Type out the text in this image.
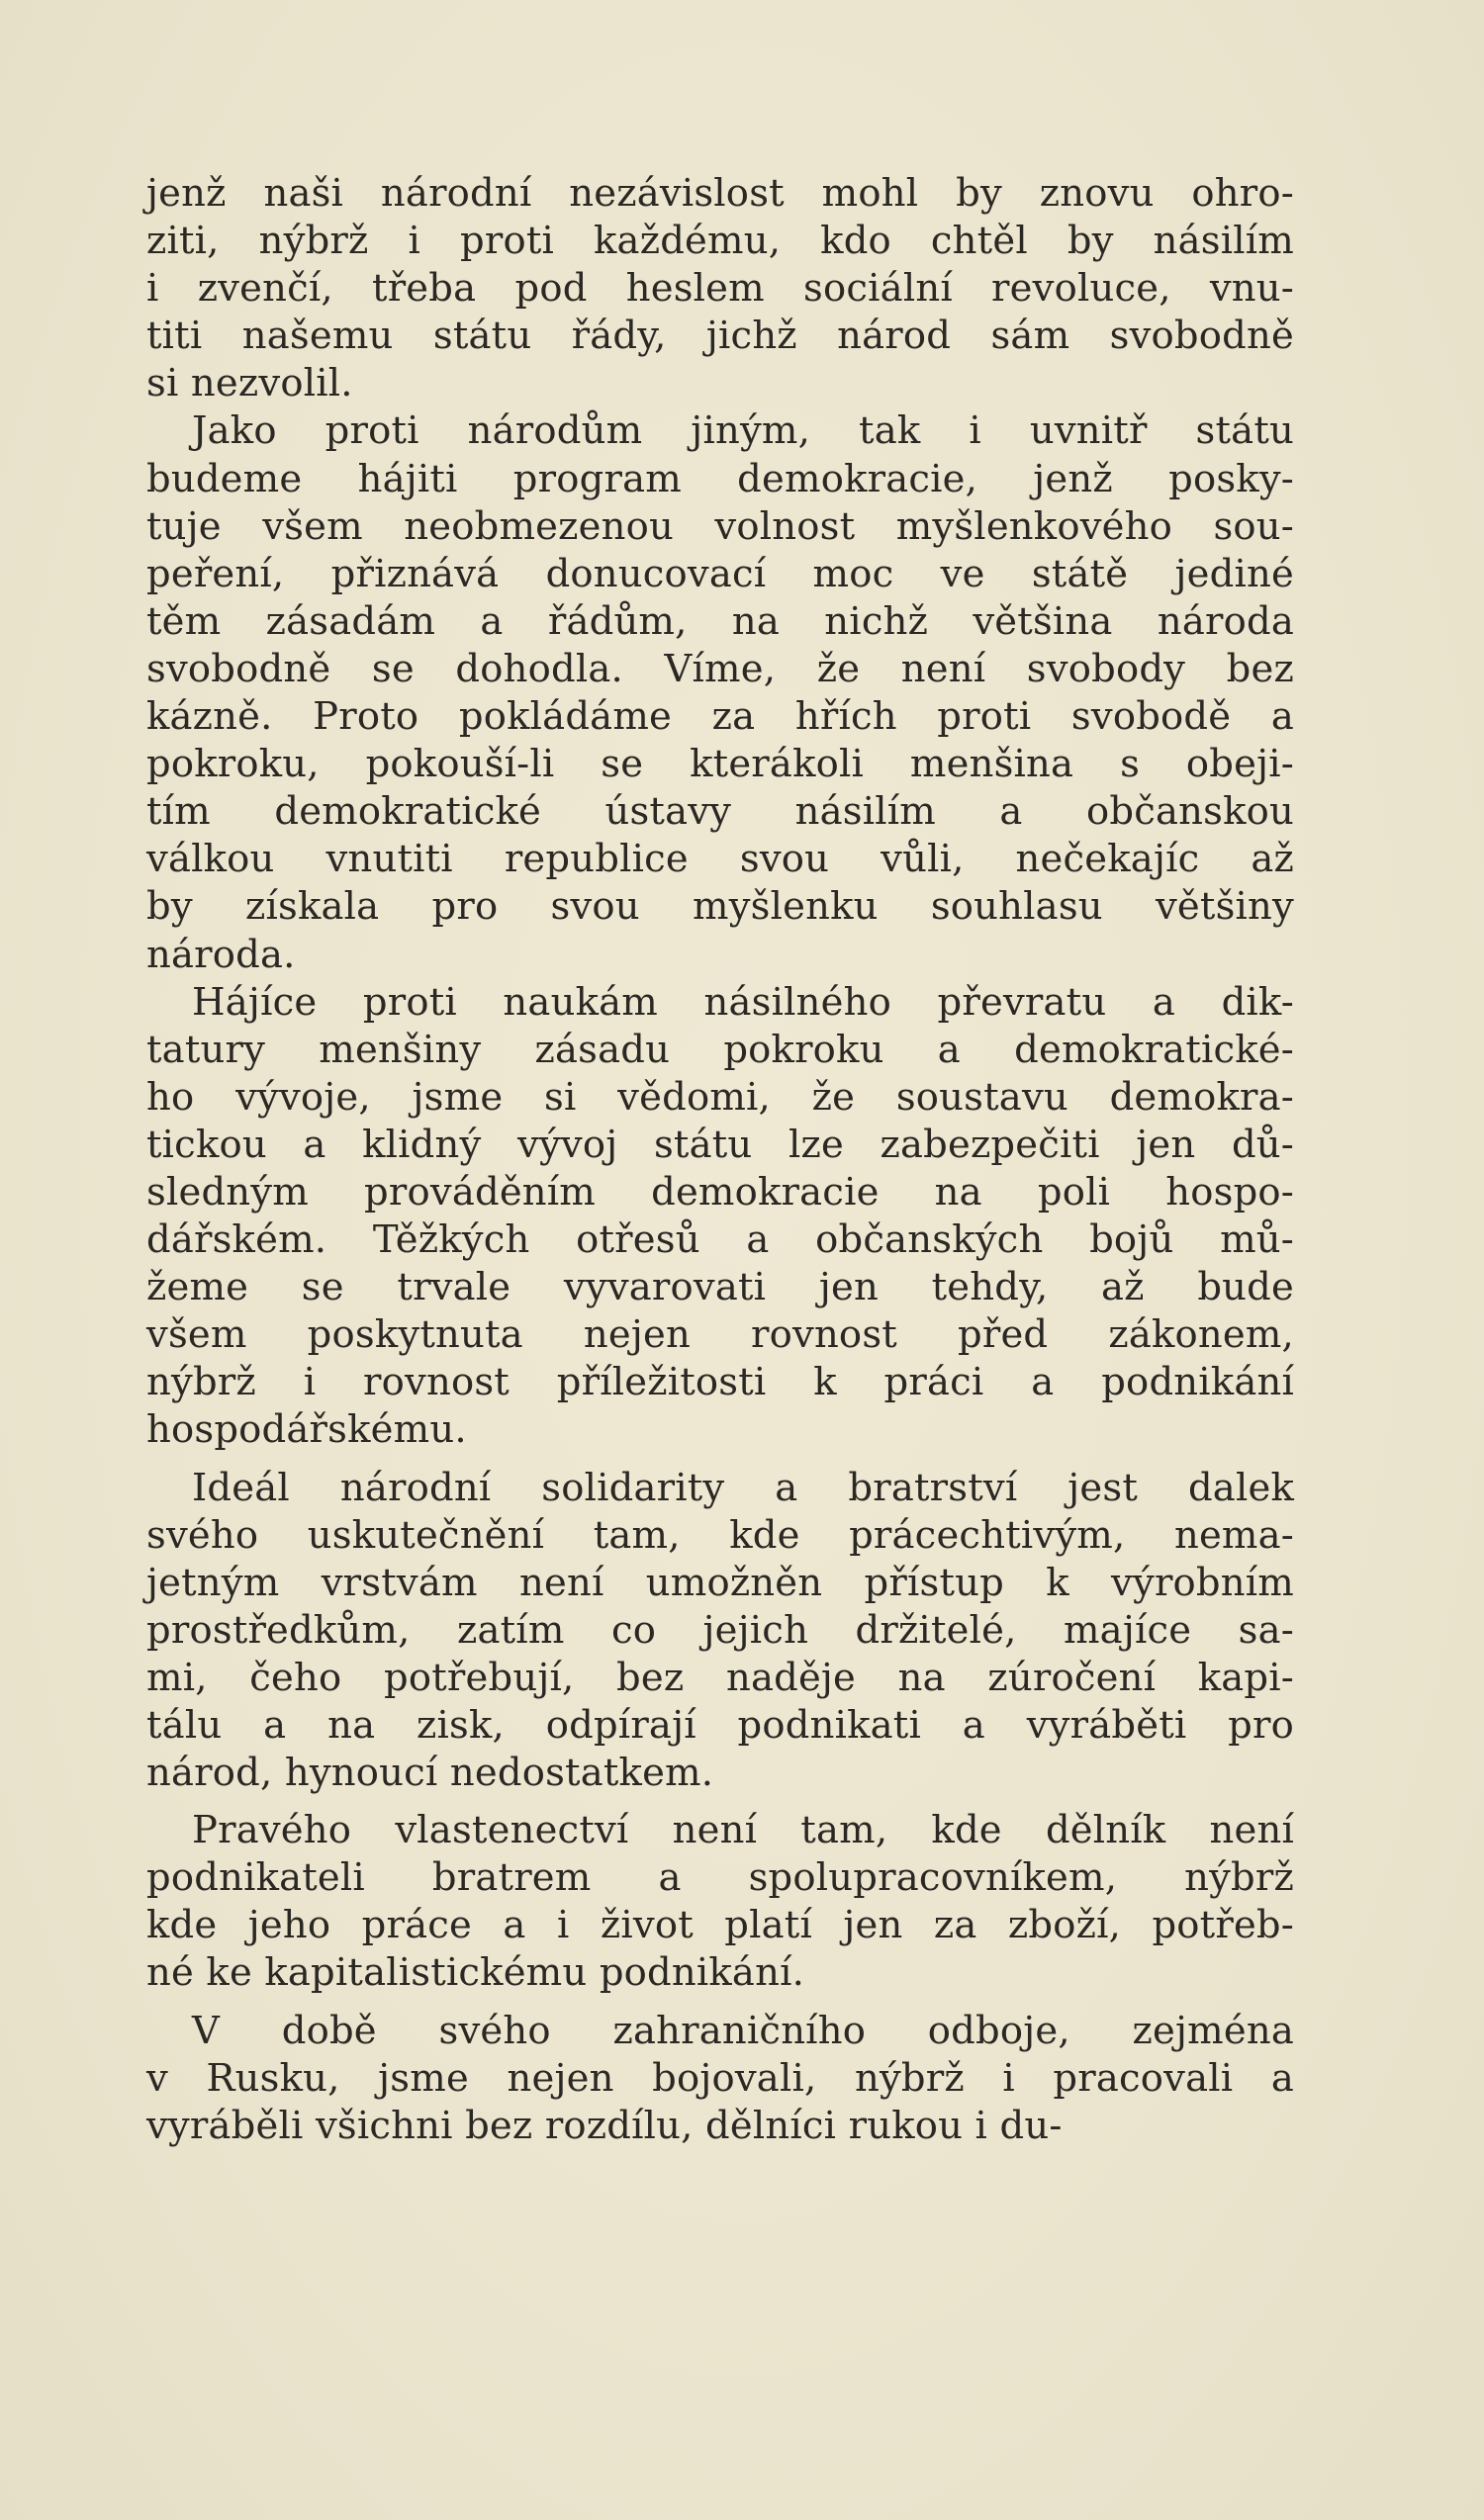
jenž naši národní nezávislost mohl by znovu ohro-
ziti, nýbrž i proti každému, kdo chtěl by násilím
i zvenčí, třeba pod heslem sociální revoluce, vnu-
titi našemu státu řády, jichž národ sám svobodně
si nezvolil.
Jako proti národům jiným, tak i uvnitř státu
budeme hájiti program demokracie, jenž posky-
tuje všem neobmezenou volnost myšlenkového sou-
peření, přiznává donucovací moc ve státě jediné
těm zásadám a řádům, na nichž většina národa
svobodně se dohodla. Víme, že není svobody bez
kázně. Proto pokládáme za hřích proti svobodě a
pokroku, pokouší-li se kterákoli menšina s obeji-
tím demokratické ústavy násilím a občanskou
válkou vnutiti republice svou vůli, nečekajíc až
by získala pro svou myšlenku souhlasu většiny
národa.
Hájíce proti naukám násilného převratu a dik-
tatury menšiny zásadu pokroku a demokratické-
ho vývoje, jsme si vědomi, že soustavu demokra-
tickou a klidný vývoj státu lze zabezpečiti jen dů-
sledným prováděním demokracie na poli hospo-
dářském. Těžkých otřesů a občanských bojů mů-
žeme se trvale vyvarovati jen tehdy, až bude
všem poskytnuta nejen rovnost před zákonem,
nýbrž i rovnost příležitosti k práci a podnikání
hospodářskému.
Ideál národní solidarity a bratrství jest dalek
svého uskutečnění tam, kde prácechtivým, nema-
jetným vrstvám není umožněn přístup k výrobním
prostředkům, zatím co jejich držitelé, majíce sa-
mi, čeho potřebují, bez naděje na zúročení kapi-
tálu a na zisk, odpírají podnikati a vyráběti pro
národ, hynoucí nedostatkem.
Pravého vlastenectví není tam, kde dělník není
podnikateli bratrem a spolupracovníkem, nýbrž
kde jeho práce a i život platí jen za zboží, potřeb-
né ke kapitalistickému podnikání.
V době svého zahraničního odboje, zejména
v Rusku, jsme nejen bojovali, nýbrž i pracovali a
vyráběli všichni bez rozdílu, dělníci rukou i du-
